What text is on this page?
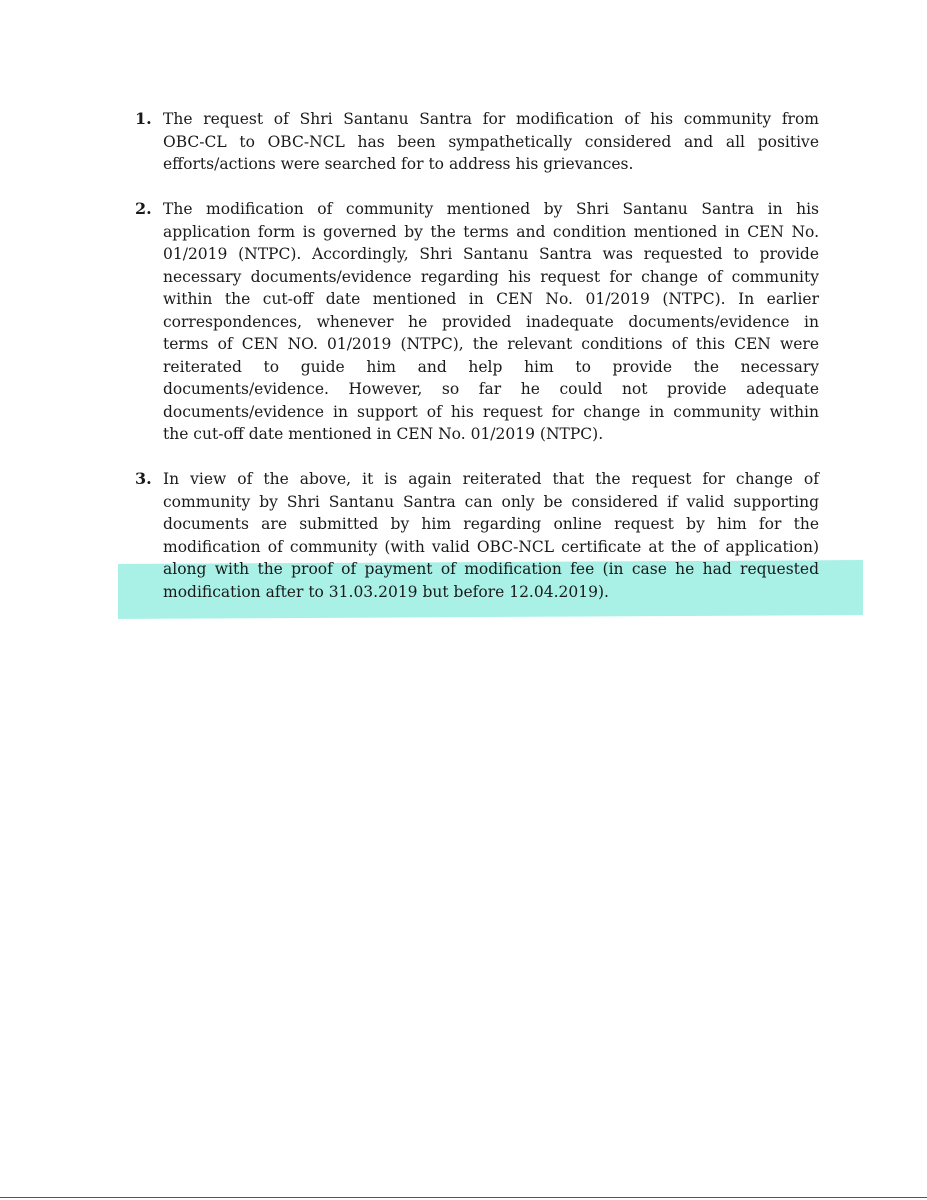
1. The request of Shri Santanu Santra for modification of his community from
OBC-CL to OBC-NCL has been sympathetically considered and all positive
efforts/actions were searched for to address his grievances.
2. The modification of community mentioned by Shri Santanu Santra in his
application form is governed by the terms and condition mentioned in CEN No.
01/2019 (NTPC). Accordingly, Shri Santanu Santra was requested to provide
necessary documents/evidence regarding his request for change of community
within the cut-off date mentioned in CEN No. 01/2019 (NTPC). In earlier
correspondences, whenever he provided inadequate documents/evidence in
terms of CEN NO. 01/2019 (NTPC), the relevant conditions of this CEN were
reiterated to guide him and help him to provide the necessary
documents/evidence. However, so far he could not provide adequate
documents/evidence in support of his request for change in community within
the cut-off date mentioned in CEN No. 01/2019 (NTPC).
3. In view of the above, it is again reiterated that the request for change of
community by Shri Santanu Santra can only be considered if valid supporting
documents are submitted by him regarding online request by him for the
modification of community (with valid OBC-NCL certificate at the of application)
along with the proof of payment of modification fee (in case he had requested
modification after to 31.03.2019 but before 12.04.2019).
